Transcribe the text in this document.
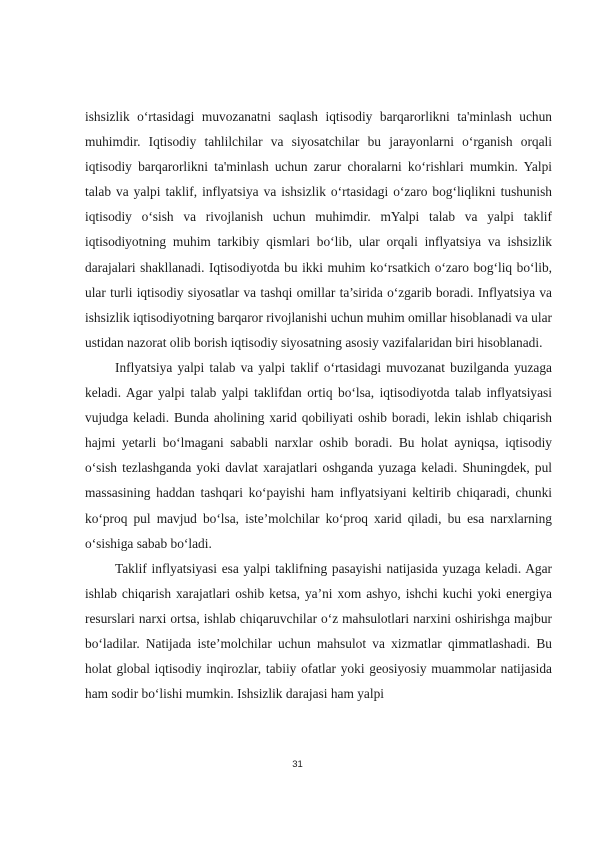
ishsizlik o‘rtasidagi muvozanatni saqlash iqtisodiy barqarorlikni ta'minlash uchun muhimdir. Iqtisodiy tahlilchilar va siyosatchilar bu jarayonlarni o‘rganish orqali iqtisodiy barqarorlikni ta'minlash uchun zarur choralarni ko‘rishlari mumkin. Yalpi talab va yalpi taklif, inflyatsiya va ishsizlik o‘rtasidagi o‘zaro bog‘liqlikni tushunish iqtisodiy o‘sish va rivojlanish uchun muhimdir. mYalpi talab va yalpi taklif iqtisodiyotning muhim tarkibiy qismlari bo‘lib, ular orqali inflyatsiya va ishsizlik darajalari shakllanadi. Iqtisodiyotda bu ikki muhim ko‘rsatkich o‘zaro bog‘liq bo‘lib, ular turli iqtisodiy siyosatlar va tashqi omillar ta’sirida o‘zgarib boradi. Inflyatsiya va ishsizlik iqtisodiyotning barqaror rivojlanishi uchun muhim omillar hisoblanadi va ular ustidan nazorat olib borish iqtisodiy siyosatning asosiy vazifalaridan biri hisoblanadi.

Inflyatsiya yalpi talab va yalpi taklif o‘rtasidagi muvozanat buzilganda yuzaga keladi. Agar yalpi talab yalpi taklifdan ortiq bo‘lsa, iqtisodiyotda talab inflyatsiyasi vujudga keladi. Bunda aholining xarid qobiliyati oshib boradi, lekin ishlab chiqarish hajmi yetarli bo‘lmagani sababli narxlar oshib boradi. Bu holat ayniqsa, iqtisodiy o‘sish tezlashganda yoki davlat xarajatlari oshganda yuzaga keladi. Shuningdek, pul massasining haddan tashqari ko‘payishi ham inflyatsiyani keltirib chiqaradi, chunki ko‘proq pul mavjud bo‘lsa, iste’molchilar ko‘proq xarid qiladi, bu esa narxlarning o‘sishiga sabab bo‘ladi.

Taklif inflyatsiyasi esa yalpi taklifning pasayishi natijasida yuzaga keladi. Agar ishlab chiqarish xarajatlari oshib ketsa, ya’ni xom ashyo, ishchi kuchi yoki energiya resurslari narxi ortsa, ishlab chiqaruvchilar o‘z mahsulotlari narxini oshirishga majbur bo‘ladilar. Natijada iste’molchilar uchun mahsulot va xizmatlar qimmatlashadi. Bu holat global iqtisodiy inqirozlar, tabiiy ofatlar yoki geosiyosiy muammolar natijasida ham sodir bo‘lishi mumkin. Ishsizlik darajasi ham yalpi

31
